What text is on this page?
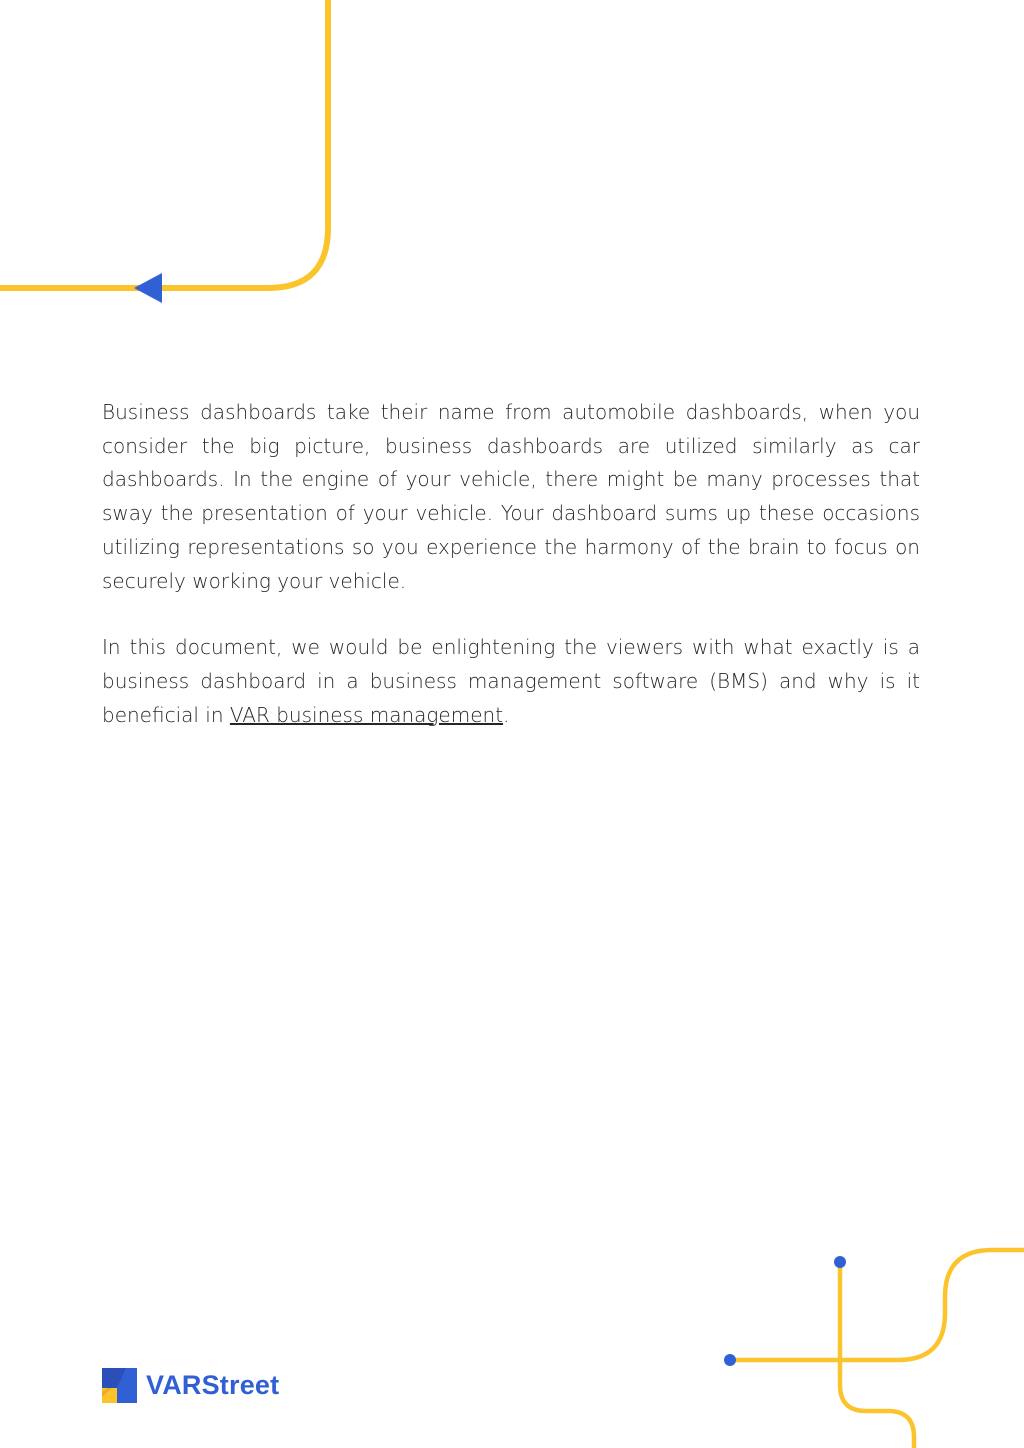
Business dashboards take their name from automobile dashboards, when you consider the big picture, business dashboards are utilized similarly as car dashboards. In the engine of your vehicle, there might be many processes that sway the presentation of your vehicle. Your dashboard sums up these occasions utilizing representations so you experience the harmony of the brain to focus on securely working your vehicle.

In this document, we would be enlightening the viewers with what exactly is a business dashboard in a business management software (BMS) and why is it beneficial in VAR business management.

VARStreet
